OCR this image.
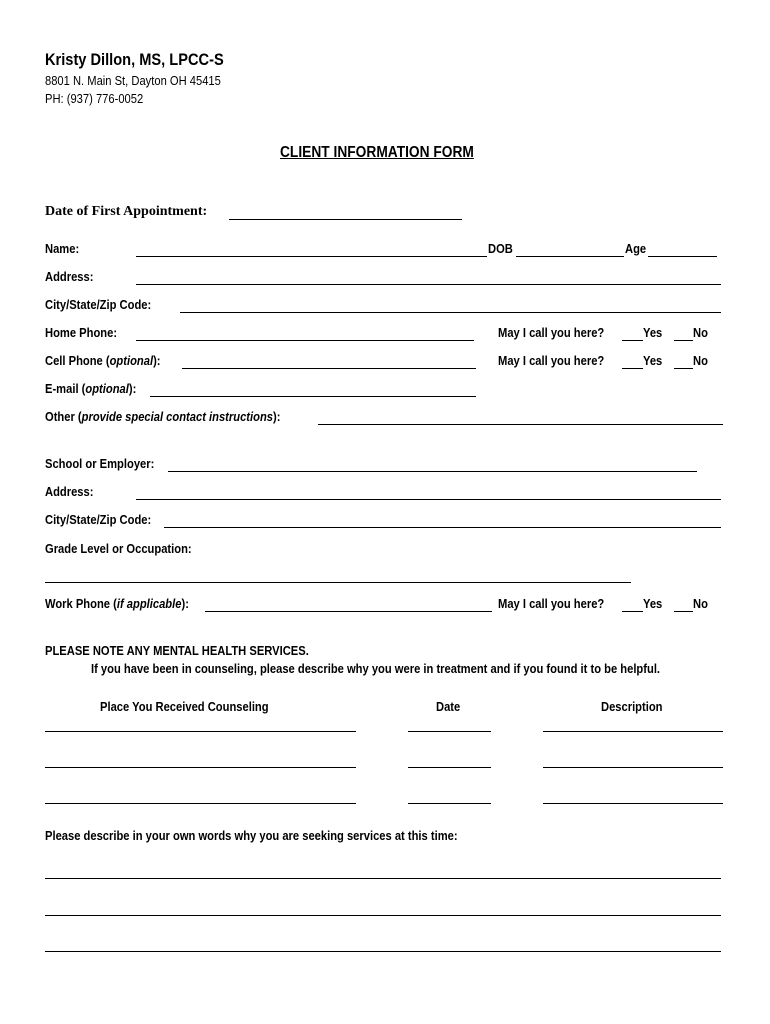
Kristy Dillon, MS, LPCC-S
8801 N. Main St, Dayton OH 45415
PH: (937) 776-0052
CLIENT INFORMATION FORM
Date of First Appointment:
Name:	DOB	Age
Address:
City/State/Zip Code:
Home Phone:	May I call you here?	Yes No
Cell Phone (optional):	May I call you here?	Yes No
E-mail (optional):
Other (provide special contact instructions):
School or Employer:
Address:
City/State/Zip Code:
Grade Level or Occupation:
Work Phone (if applicable):	May I call you here?	Yes No
PLEASE NOTE ANY MENTAL HEALTH SERVICES.
If you have been in counseling, please describe why you were in treatment and if you found it to be helpful.
Place You Received Counseling	Date	Description
Please describe in your own words why you are seeking services at this time:
